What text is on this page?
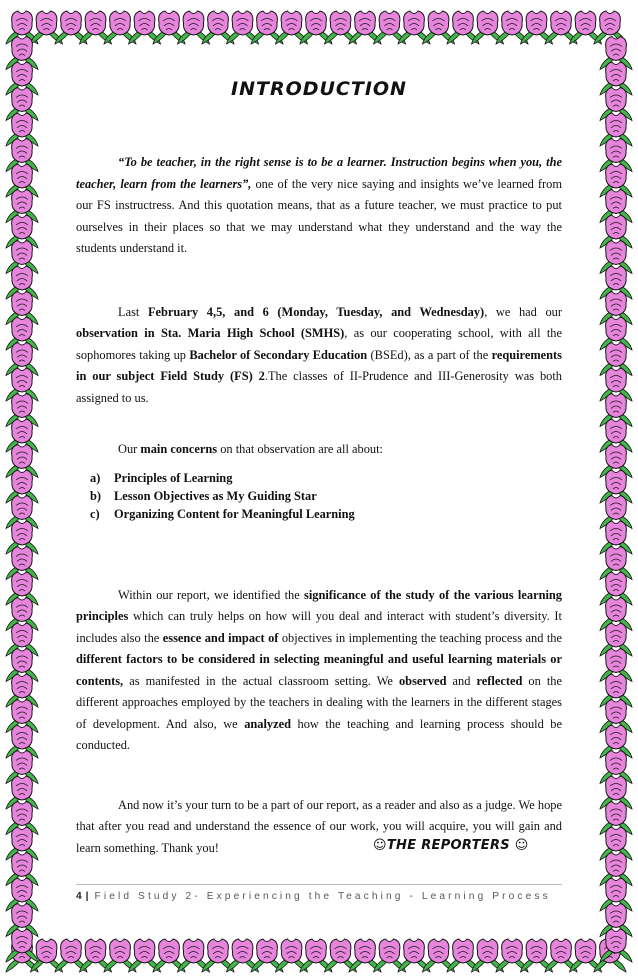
INTRODUCTION

“To be teacher, in the right sense is to be a learner. Instruction begins when you, the teacher, learn from the learners”, one of the very nice saying and insights we’ve learned from our FS instructress. And this quotation means, that as a future teacher, we must practice to put ourselves in their places so that we may understand what they understand and the way the students understand it.

Last February 4,5, and 6 (Monday, Tuesday, and Wednesday), we had our observation in Sta. Maria High School (SMHS), as our cooperating school, with all the sophomores taking up Bachelor of Secondary Education (BSEd), as a part of the requirements in our subject Field Study (FS) 2.The classes of II-Prudence and III-Generosity was both assigned to us.

Our main concerns on that observation are all about:

a)	Principles of Learning
b)	Lesson Objectives as My Guiding Star
c)	Organizing Content for Meaningful Learning

Within our report, we identified the significance of the study of the various learning principles which can truly helps on how will you deal and interact with student’s diversity. It includes also the essence and impact of objectives in implementing the teaching process and the different factors to be considered in selecting meaningful and useful learning materials or contents, as manifested in the actual classroom setting. We observed and reflected on the different approaches employed by the teachers in dealing with the learners in the different stages of development. And also, we analyzed how the teaching and learning process should be conducted.

And now it’s your turn to be a part of our report, as a reader and also as a judge. We hope that after you read and understand the essence of our work, you will acquire, you will gain and learn something. Thank you!	☺THE REPORTERS ☺
4 | Field Study 2- Experiencing the Teaching - Learning Process
